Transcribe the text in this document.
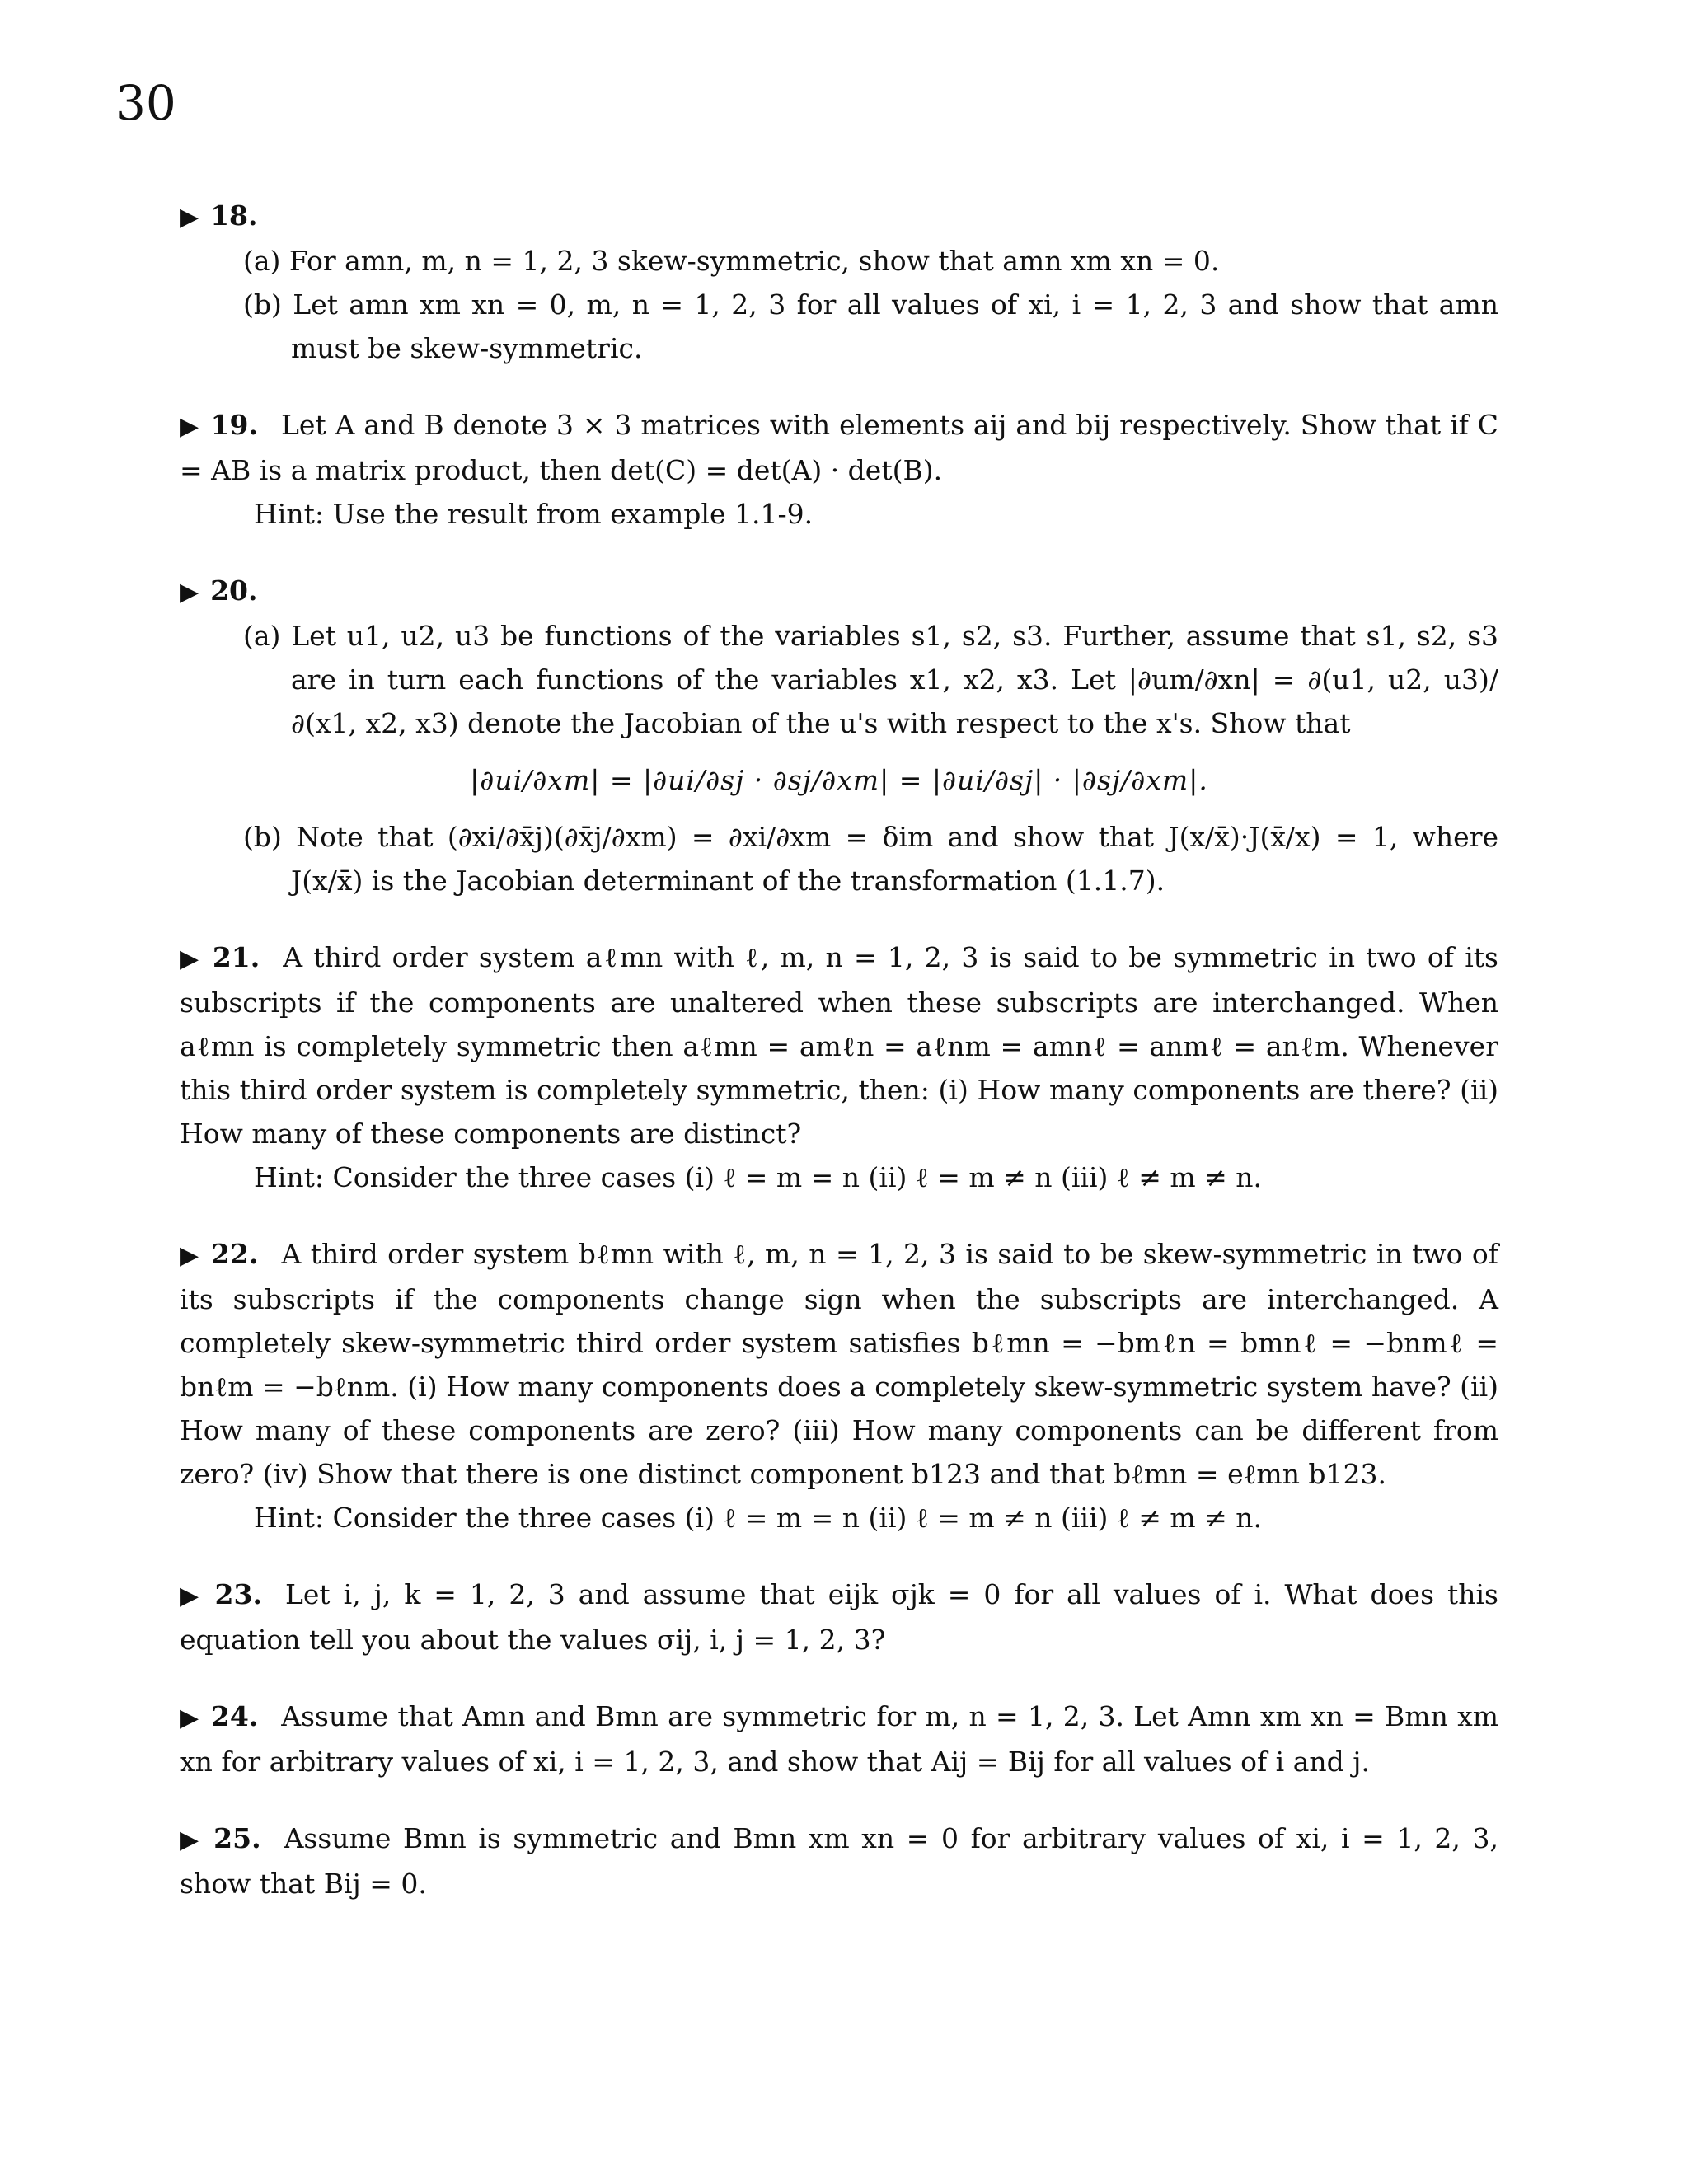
30
▶ 18.
(a) For amn, m, n = 1, 2, 3 skew-symmetric, show that amn xm xn = 0.
(b) Let amn xm xn = 0, m, n = 1, 2, 3 for all values of xi, i = 1, 2, 3 and show that amn must be skew-symmetric.
▶ 19. Let A and B denote 3 × 3 matrices with elements aij and bij respectively. Show that if C = AB is a matrix product, then det(C) = det(A) · det(B).
Hint: Use the result from example 1.1-9.
▶ 20.
(a) Let u1, u2, u3 be functions of the variables s1, s2, s3. Further, assume that s1, s2, s3 are in turn each functions of the variables x1, x2, x3. Let |∂um/∂xn| = ∂(u1, u2, u3)/∂(x1, x2, x3) denote the Jacobian of the u's with respect to the x's. Show that
|∂ui/∂xm| = |∂ui/∂sj · ∂sj/∂xm| = |∂ui/∂sj| · |∂sj/∂xm|.
(b) Note that (∂xi/∂x̄j)(∂x̄j/∂xm) = ∂xi/∂xm = δim and show that J(x/x̄)·J(x̄/x) = 1, where J(x/x̄) is the Jacobian determinant of the transformation (1.1.7).
▶ 21. A third order system aℓmn with ℓ, m, n = 1, 2, 3 is said to be symmetric in two of its subscripts if the components are unaltered when these subscripts are interchanged. When aℓmn is completely symmetric then aℓmn = amℓn = aℓnm = amnℓ = anmℓ = anℓm. Whenever this third order system is completely symmetric, then: (i) How many components are there? (ii) How many of these components are distinct?
Hint: Consider the three cases (i) ℓ = m = n (ii) ℓ = m ≠ n (iii) ℓ ≠ m ≠ n.
▶ 22. A third order system bℓmn with ℓ, m, n = 1, 2, 3 is said to be skew-symmetric in two of its subscripts if the components change sign when the subscripts are interchanged. A completely skew-symmetric third order system satisfies bℓmn = −bmℓn = bmnℓ = −bnmℓ = bnℓm = −bℓnm. (i) How many components does a completely skew-symmetric system have? (ii) How many of these components are zero? (iii) How many components can be different from zero? (iv) Show that there is one distinct component b123 and that bℓmn = eℓmn b123.
Hint: Consider the three cases (i) ℓ = m = n (ii) ℓ = m ≠ n (iii) ℓ ≠ m ≠ n.
▶ 23. Let i, j, k = 1, 2, 3 and assume that eijk σjk = 0 for all values of i. What does this equation tell you about the values σij, i, j = 1, 2, 3?
▶ 24. Assume that Amn and Bmn are symmetric for m, n = 1, 2, 3. Let Amn xm xn = Bmn xm xn for arbitrary values of xi, i = 1, 2, 3, and show that Aij = Bij for all values of i and j.
▶ 25. Assume Bmn is symmetric and Bmn xm xn = 0 for arbitrary values of xi, i = 1, 2, 3, show that Bij = 0.
